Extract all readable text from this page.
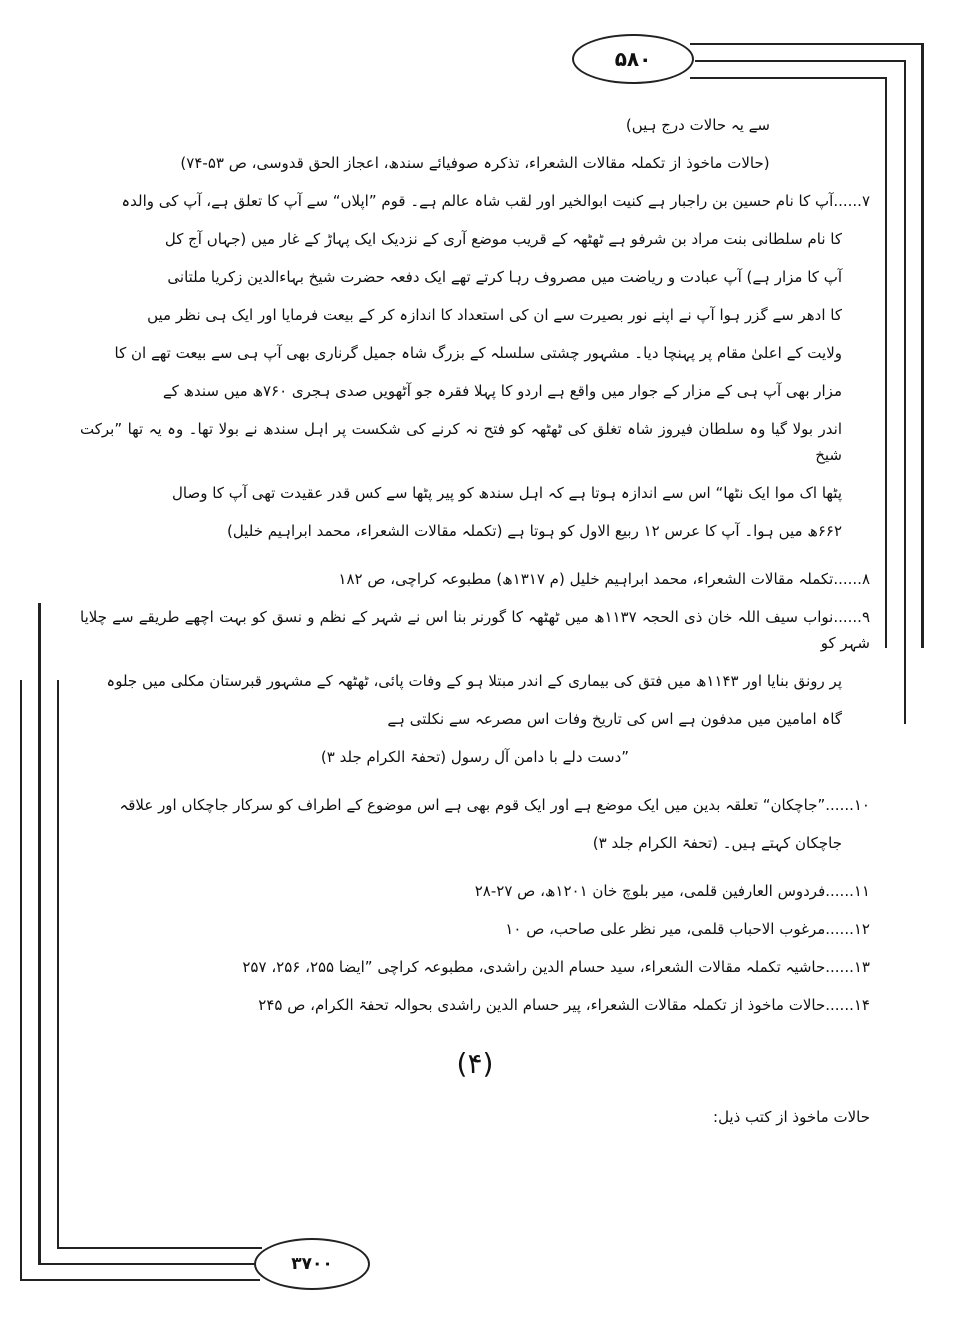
۵۸۰
۳۷۰۰
سے یہ حالات درج ہیں)
(حالات ماخوذ از تکملہ مقالات الشعراء، تذکرہ صوفیائے سندھ، اعجاز الحق قدوسی، ص ۵۳-۷۴)
۷......آپ کا نام حسین بن راجبار ہے کنیت ابوالخیر اور لقب شاہ عالم ہے۔ قوم ”اپلاں“ سے آپ کا تعلق ہے، آپ کی والدہ
کا نام سلطانی بنت مراد بن شرفو ہے ٹھٹھہ کے قریب موضع آری کے نزدیک ایک پہاڑ کے غار میں (جہاں آج کل
آپ کا مزار ہے) آپ عبادت و ریاضت میں مصروف رہا کرتے تھے ایک دفعہ حضرت شیخ بہاءالدین زکریا ملتانی
کا ادھر سے گزر ہوا آپ نے اپنے نور بصیرت سے ان کی استعداد کا اندازہ کر کے بیعت فرمایا اور ایک ہی نظر میں
ولایت کے اعلیٰ مقام پر پہنچا دیا۔ مشہور چشتی سلسلہ کے بزرگ شاہ جمیل گرناری بھی آپ ہی سے بیعت تھے ان کا
مزار بھی آپ ہی کے مزار کے جوار میں واقع ہے اردو کا پہلا فقرہ جو آٹھویں صدی ہجری ۷۶۰ھ میں سندھ کے
اندر بولا گیا وہ سلطان فیروز شاہ تغلق کی ٹھٹھہ کو فتح نہ کرنے کی شکست پر اہل سندھ نے بولا تھا۔ وہ یہ تھا ”برکت شیخ
پٹھا اک موا ایک نٹھا“ اس سے اندازہ ہوتا ہے کہ اہل سندھ کو پیر پٹھا سے کس قدر عقیدت تھی آپ کا وصال
۶۶۲ھ میں ہوا۔ آپ کا عرس ۱۲ ربیع الاول کو ہوتا ہے (تکملہ مقالات الشعراء، محمد ابراہیم خلیل)
۸......تکملہ مقالات الشعراء، محمد ابراہیم خلیل (م ۱۳۱۷ھ) مطبوعہ کراچی، ص ۱۸۲
۹......نواب سیف اللہ خان ذی الحجہ ۱۱۳۷ھ میں ٹھٹھہ کا گورنر بنا اس نے شہر کے نظم و نسق کو بہت اچھے طریقے سے چلایا شہر کو
پر رونق بنایا اور ۱۱۴۳ھ میں فتق کی بیماری کے اندر مبتلا ہو کے وفات پائی، ٹھٹھہ کے مشہور قبرستان مکلی میں جلوہ
گاہ امامین میں مدفون ہے اس کی تاریخ وفات اس مصرعہ سے نکلتی ہے
”دست دلے با دامن آل رسول (تحفۃ الکرام جلد ۳)
۱۰......”جاچکان“ تعلقہ بدین میں ایک موضع ہے اور ایک قوم بھی ہے اس موضوع کے اطراف کو سرکار جاچکاں اور علاقہ
جاچکان کہتے ہیں۔ (تحفۃ الکرام جلد ۳)
۱۱......فردوس العارفین قلمی، میر بلوچ خان ۱۲۰۱ھ، ص ۲۷-۲۸
۱۲......مرغوب الاحباب قلمی، میر نظر علی صاحب، ص ۱۰
۱۳......حاشیہ تکملہ مقالات الشعراء، سید حسام الدین راشدی، مطبوعہ کراچی ”ایضا ۲۵۵، ۲۵۶، ۲۵۷
۱۴......حالات ماخوذ از تکملہ مقالات الشعراء، پیر حسام الدین راشدی بحوالہ تحفۃ الکرام، ص ۲۴۵
(۴)
حالات ماخوذ از کتب ذیل:
